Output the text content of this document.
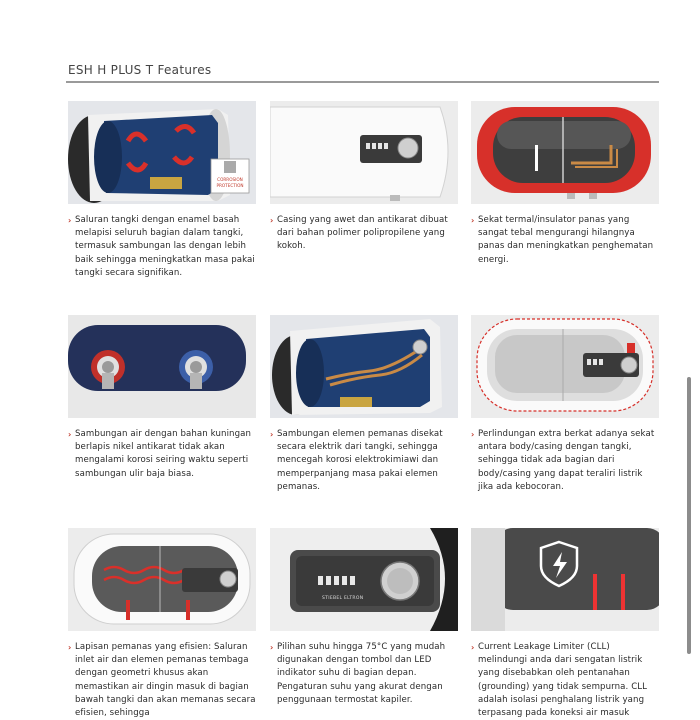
ESH H PLUS T Features
CORROSION
PROTECTION
› Saluran tangki dengan enamel basah melapisi seluruh bagian dalam tangki, termasuk sambungan las dengan lebih baik sehingga meningkatkan masa pakai tangki secara signifikan.
› Casing yang awet dan antikarat dibuat dari bahan polimer polipropilene yang kokoh.
› Sekat termal/insulator panas yang sangat tebal mengurangi hilangnya panas dan meningkatkan penghematan energi.
› Sambungan air dengan bahan kuningan berlapis nikel antikarat tidak akan mengalami korosi seiring waktu seperti sambungan ulir baja biasa.
› Sambungan elemen pemanas disekat secara elektrik dari tangki, sehingga mencegah korosi elektrokimiawi dan memperpanjang masa pakai elemen pemanas.
› Perlindungan extra berkat adanya sekat antara body/casing dengan tangki, sehingga tidak ada bagian dari body/casing yang dapat teraliri listrik jika ada kebocoran.
› Lapisan pemanas yang efisien: Saluran inlet air dan elemen pemanas tembaga dengan geometri khusus akan memastikan air dingin masuk di bagian bawah tangki dan akan memanas secara efisien, sehingga
STIEBEL ELTRON
› Pilihan suhu hingga 75°C yang mudah digunakan dengan tombol dan LED indikator suhu di bagian depan. Pengaturan suhu yang akurat dengan penggunaan termostat kapiler.
› Current Leakage Limiter (CLL) melindungi anda dari sengatan listrik yang disebabkan oleh pentanahan (grounding) yang tidak sempurna. CLL adalah isolasi penghalang listrik yang terpasang pada koneksi air masuk
